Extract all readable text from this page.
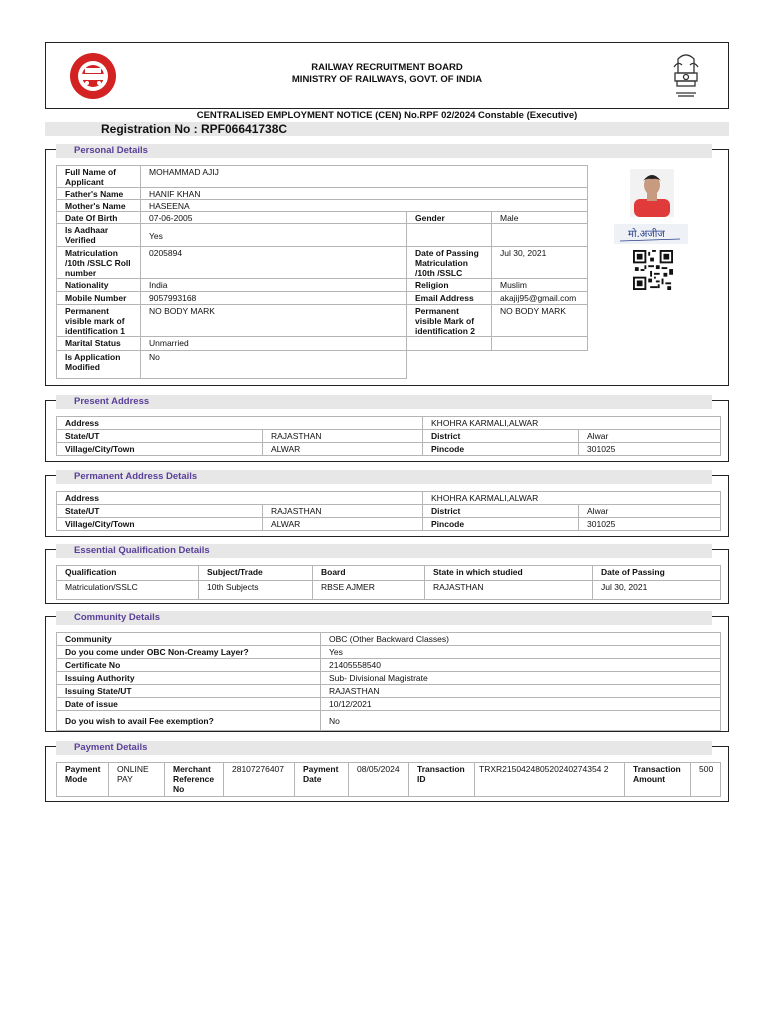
RAILWAY RECRUITMENT BOARD
MINISTRY OF RAILWAYS, GOVT. OF INDIA
CENTRALISED EMPLOYMENT NOTICE (CEN) No.RPF 02/2024 Constable (Executive)
Registration No : RPF06641738C
Personal Details
Full Name of Applicant	MOHAMMAD AJIJ		
Father's Name	HANIF KHAN		
Mother's Name	HASEENA		
Date Of Birth	07-06-2005	Gender	Male
Is Aadhaar Verified	Yes		
Matriculation /10th /SSLC Roll number	0205894	Date of Passing Matriculation /10th /SSLC	Jul 30, 2021
Nationality	India	Religion	Muslim
Mobile Number	9057993168	Email Address	akajij95@gmail.com
Permanent visible mark of identification 1	NO BODY MARK	Permanent visible Mark of identification 2	NO BODY MARK
Marital Status	Unmarried		
Is Application Modified	No		
मो.अजीज
Present Address
Address		KHOHRA KARMALI,ALWAR	
State/UT	RAJASTHAN	District	Alwar
Village/City/Town	ALWAR	Pincode	301025
Permanent Address Details
Address		KHOHRA KARMALI,ALWAR	
State/UT	RAJASTHAN	District	Alwar
Village/City/Town	ALWAR	Pincode	301025
Essential Qualification Details
Qualification	Subject/Trade	Board	State in which studied	Date of Passing
Matriculation/SSLC	10th Subjects	RBSE AJMER	RAJASTHAN	Jul 30, 2021
Community Details
Community	OBC (Other Backward Classes)
Do you come under OBC Non-Creamy Layer?	Yes
Certificate No	21405558540
Issuing Authority	Sub- Divisional Magistrate
Issuing State/UT	RAJASTHAN
Date of issue	10/12/2021
Do you wish to avail Fee exemption?	No
Payment Details
Payment Mode	ONLINE PAY	Merchant Reference No	28107276407	Payment Date	08/05/2024	Transaction ID	TRXR215042480520240274354 2	Transaction Amount	500
